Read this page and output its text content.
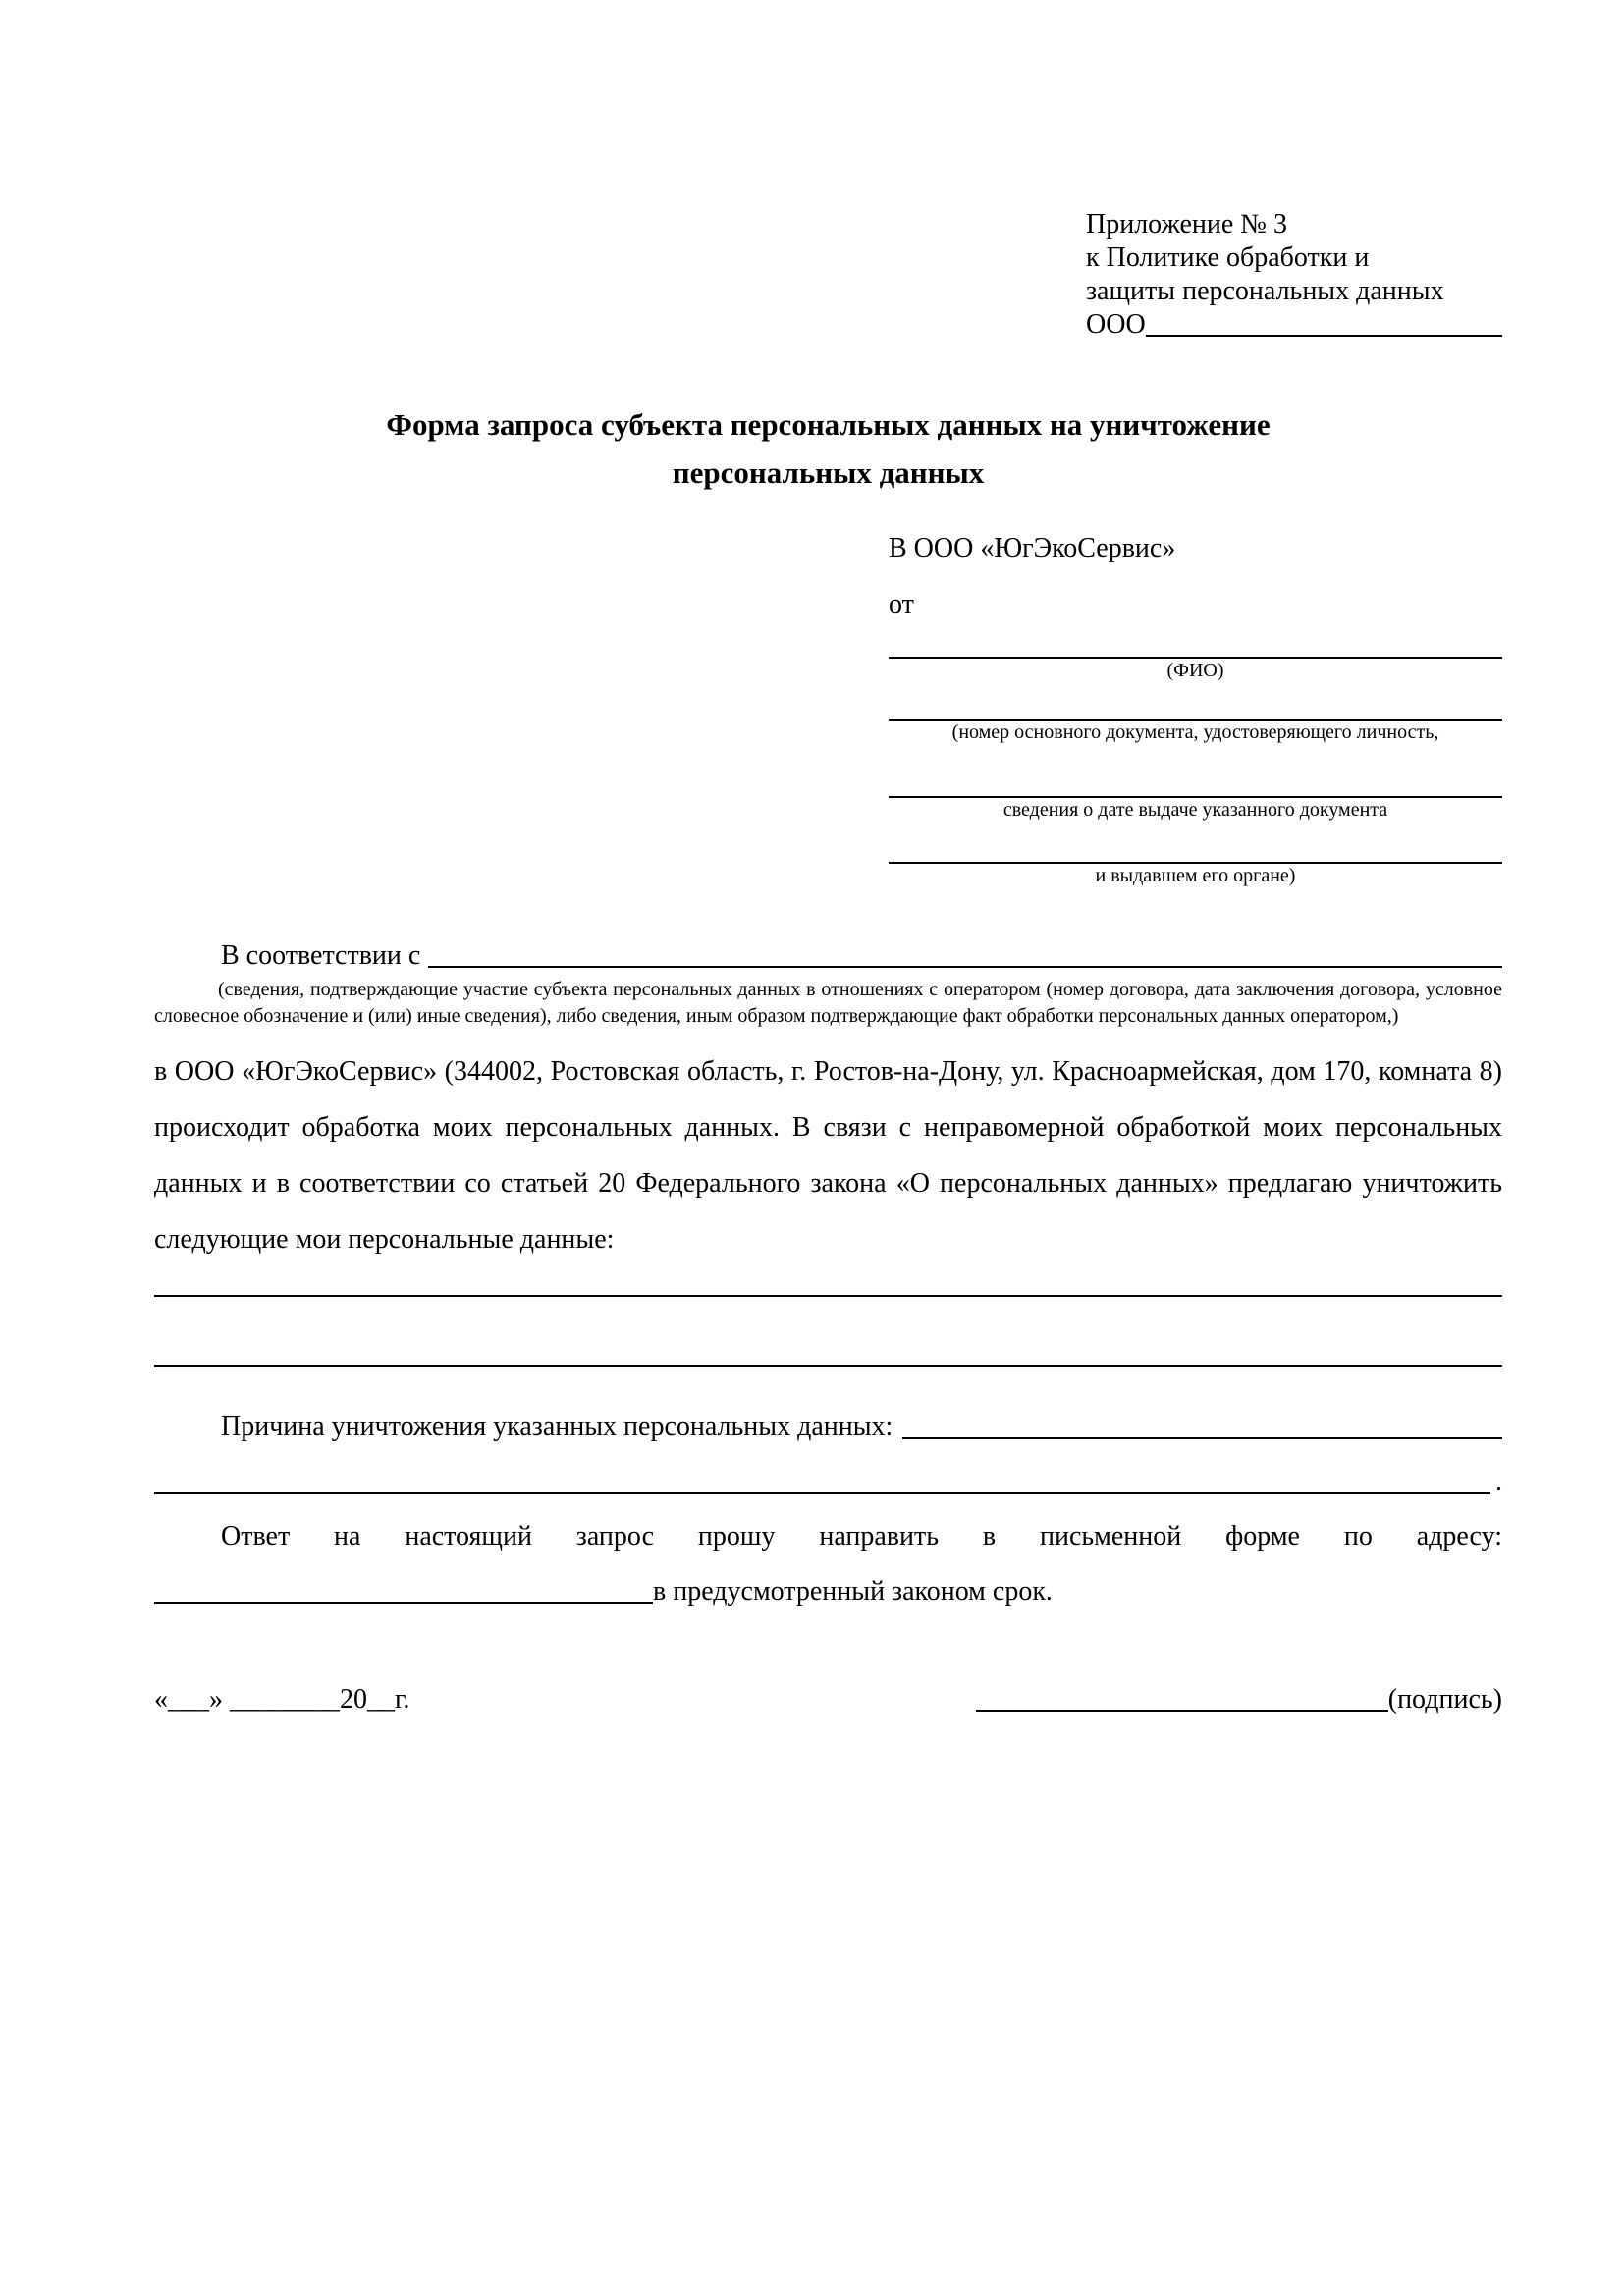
Приложение № 3
к Политике обработки и
защиты персональных данных
ООО
Форма запроса субъекта персональных данных на уничтожение
персональных данных
В ООО «ЮгЭкоСервис»
от
(ФИО)
(номер основного документа, удостоверяющего личность,
сведения о дате выдаче указанного документа
и выдавшем его органе)
В соответствии с
(сведения, подтверждающие участие субъекта персональных данных в отношениях с оператором (номер договора, дата заключения договора, условное словесное обозначение и (или) иные сведения), либо сведения, иным образом подтверждающие факт обработки персональных данных оператором,)
в ООО «ЮгЭкоСервис» (344002, Ростовская область, г. Ростов-на-Дону, ул. Красноармейская, дом 170, комната 8) происходит обработка моих персональных данных. В связи с неправомерной обработкой моих персональных данных и в соответствии со статьей 20 Федерального закона «О персональных данных» предлагаю уничтожить следующие мои персональные данные:
Причина уничтожения указанных персональных данных:
.
Ответ на настоящий запрос прошу направить в письменной форме по адресу:
в предусмотренный законом срок.
«___» ________20__г.	(подпись)
